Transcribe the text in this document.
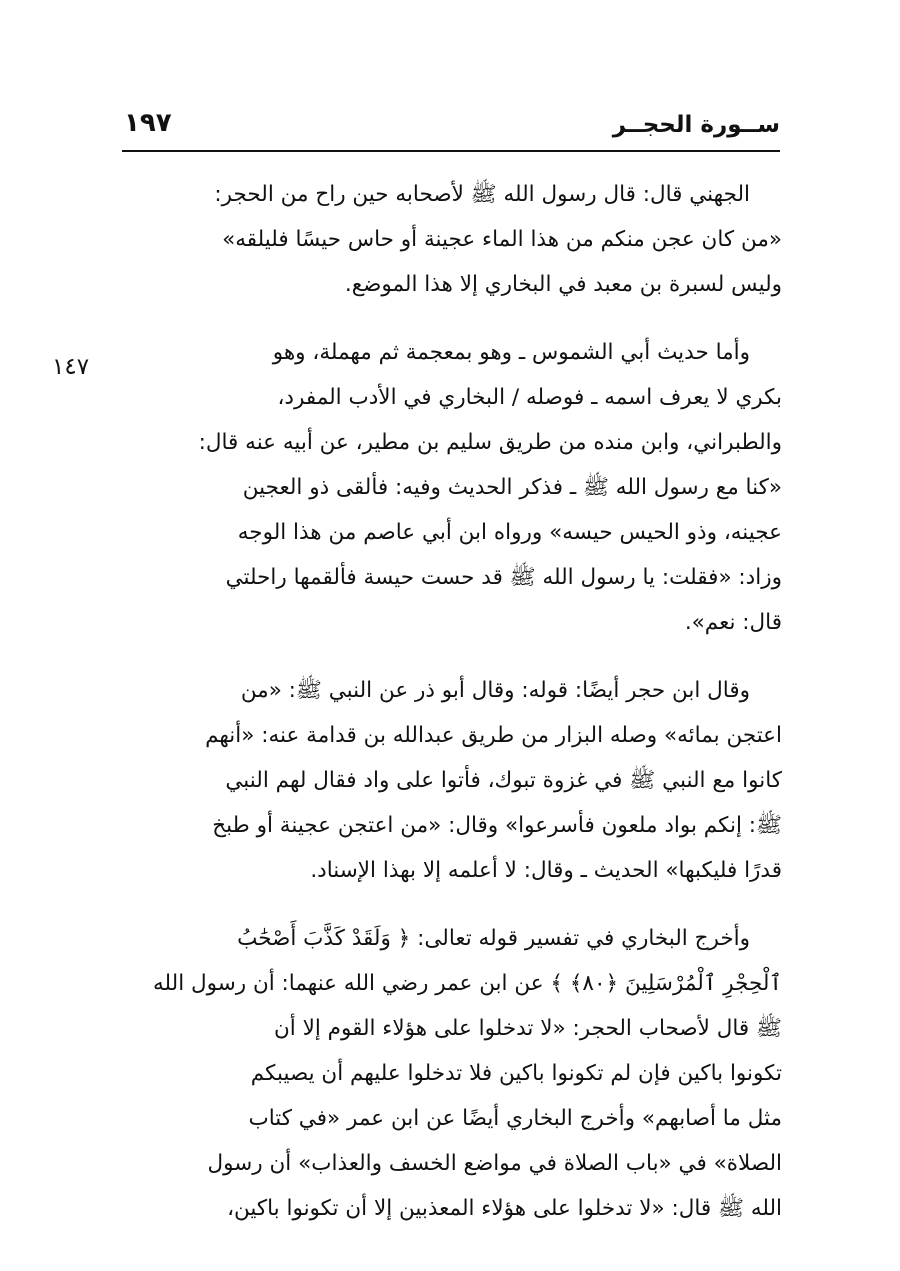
ســورة الحجــر
١٩٧
١٤٧

الجهني قال: قال رسول الله ﷺ لأصحابه حين راح من الحجر:
«من كان عجن منكم من هذا الماء عجينة أو حاس حيسًا فليلقه»
وليس لسبرة بن معبد في البخاري إلا هذا الموضع.

وأما حديث أبي الشموس ـ وهو بمعجمة ثم مهملة، وهو
بكري لا يعرف اسمه ـ فوصله / البخاري في الأدب المفرد،
والطبراني، وابن منده من طريق سليم بن مطير، عن أبيه عنه قال:
«كنا مع رسول الله ﷺ ـ فذكر الحديث وفيه: فألقى ذو العجين
عجينه، وذو الحيس حيسه» ورواه ابن أبي عاصم من هذا الوجه
وزاد: «فقلت: يا رسول الله ﷺ قد حست حيسة فألقمها راحلتي
قال: نعم».

وقال ابن حجر أيضًا: قوله: وقال أبو ذر عن النبي ﷺ: «من
اعتجن بمائه» وصله البزار من طريق عبدالله بن قدامة عنه: «أنهم
كانوا مع النبي ﷺ في غزوة تبوك، فأتوا على واد فقال لهم النبي
ﷺ: إنكم بواد ملعون فأسرعوا» وقال: «من اعتجن عجينة أو طبخ
قدرًا فليكبها» الحديث ـ وقال: لا أعلمه إلا بهذا الإسناد.

وأخرج البخاري في تفسير قوله تعالى: ﴿ وَلَقَدْ كَذَّبَ أَصْحَٰبُ
ٱلْحِجْرِ ٱلْمُرْسَلِينَ ﴿٨٠﴾ ﴾ عن ابن عمر رضي الله عنهما: أن رسول الله
ﷺ قال لأصحاب الحجر: «لا تدخلوا على هؤلاء القوم إلا أن
تكونوا باكين فإن لم تكونوا باكين فلا تدخلوا عليهم أن يصيبكم
مثل ما أصابهم» وأخرج البخاري أيضًا عن ابن عمر «في كتاب
الصلاة» في «باب الصلاة في مواضع الخسف والعذاب» أن رسول
الله ﷺ قال: «لا تدخلوا على هؤلاء المعذبين إلا أن تكونوا باكين،
